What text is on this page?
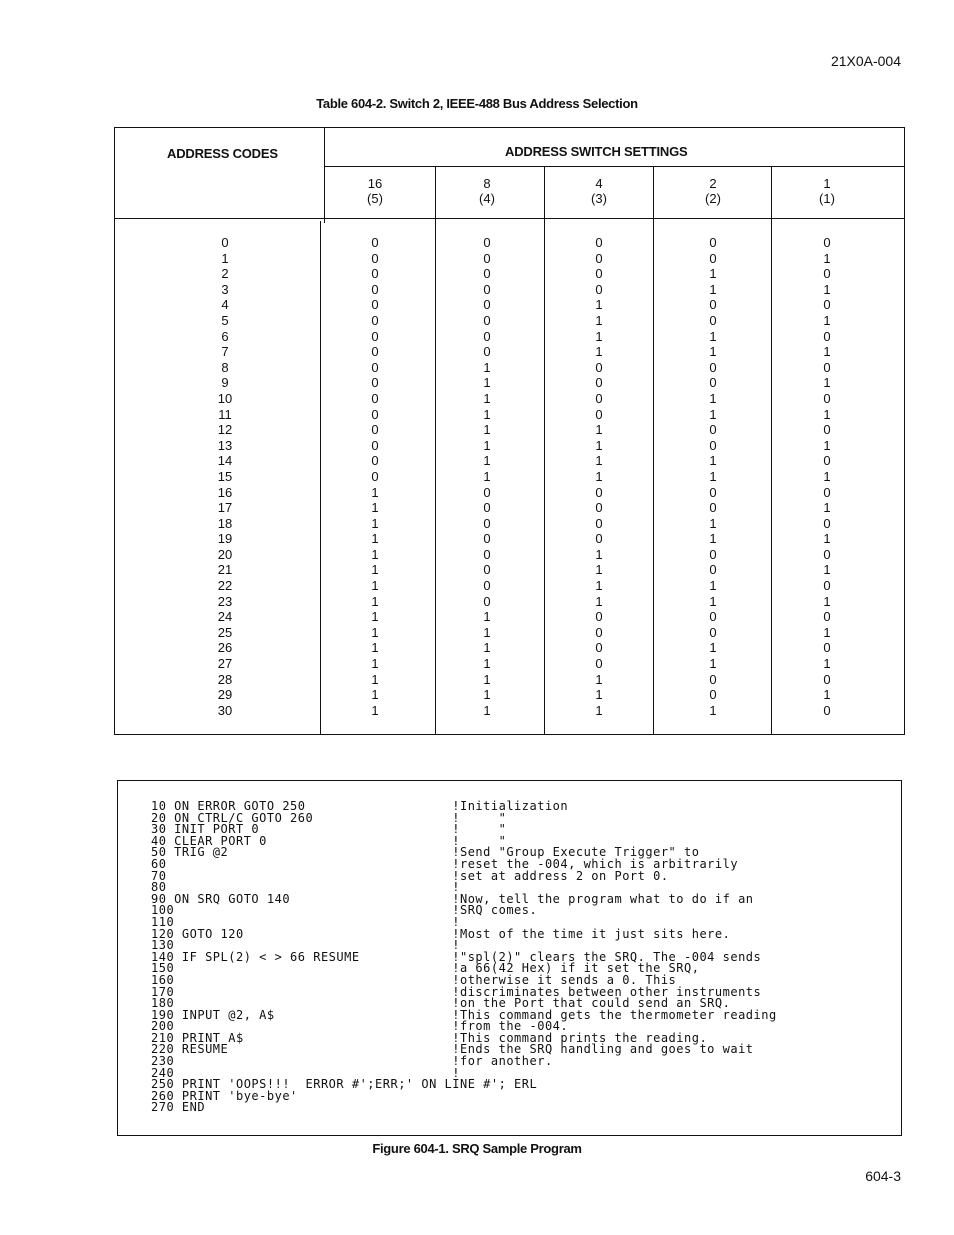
21X0A-004
Table 604-2. Switch 2, IEEE-488 Bus Address Selection
ADDRESS CODES	ADDRESS SWITCH SETTINGS
16
(5)
8
(4)
4
(3)
2
(2)
1
(1)
0
1
2
3
4
5
6
7
8
9
10
11
12
13
14
15
16
17
18
19
20
21
22
23
24
25
26
27
28
29
30
0
0
0
0
0
0
0
0
0
0
0
0
0
0
0
0
1
1
1
1
1
1
1
1
1
1
1
1
1
1
1
0
0
0
0
0
0
0
0
1
1
1
1
1
1
1
1
0
0
0
0
0
0
0
0
1
1
1
1
1
1
1
0
0
0
0
1
1
1
1
0
0
0
0
1
1
1
1
0
0
0
0
1
1
1
1
0
0
0
0
1
1
1
0
0
1
1
0
0
1
1
0
0
1
1
0
0
1
1
0
0
1
1
0
0
1
1
0
0
1
1
0
0
1
0
1
0
1
0
1
0
1
0
1
0
1
0
1
0
1
0
1
0
1
0
1
0
1
0
1
0
1
0
1
0
10 ON ERROR GOTO 250                   !Initialization
20 ON CTRL/C GOTO 260                  !     "
30 INIT PORT 0                         !     "
40 CLEAR PORT 0                        !     "
50 TRIG @2                             !Send "Group Execute Trigger" to
60                                     !reset the -004, which is arbitrarily
70                                     !set at address 2 on Port 0.
80                                     !
90 ON SRQ GOTO 140                     !Now, tell the program what to do if an
100                                    !SRQ comes.
110                                    !
120 GOTO 120                           !Most of the time it just sits here.
130                                    !
140 IF SPL(2) < > 66 RESUME            !"spl(2)" clears the SRQ. The -004 sends
150                                    !a 66(42 Hex) if it set the SRQ,
160                                    !otherwise it sends a 0. This
170                                    !discriminates between other instruments
180                                    !on the Port that could send an SRQ.
190 INPUT @2, A$                       !This command gets the thermometer reading
200                                    !from the -004.
210 PRINT A$                           !This command prints the reading.
220 RESUME                             !Ends the SRQ handling and goes to wait
230                                    !for another.
240                                    !
250 PRINT 'OOPS!!!  ERROR #';ERR;' ON LINE #'; ERL
260 PRINT 'bye-bye'
270 END
Figure 604-1. SRQ Sample Program
604-3
